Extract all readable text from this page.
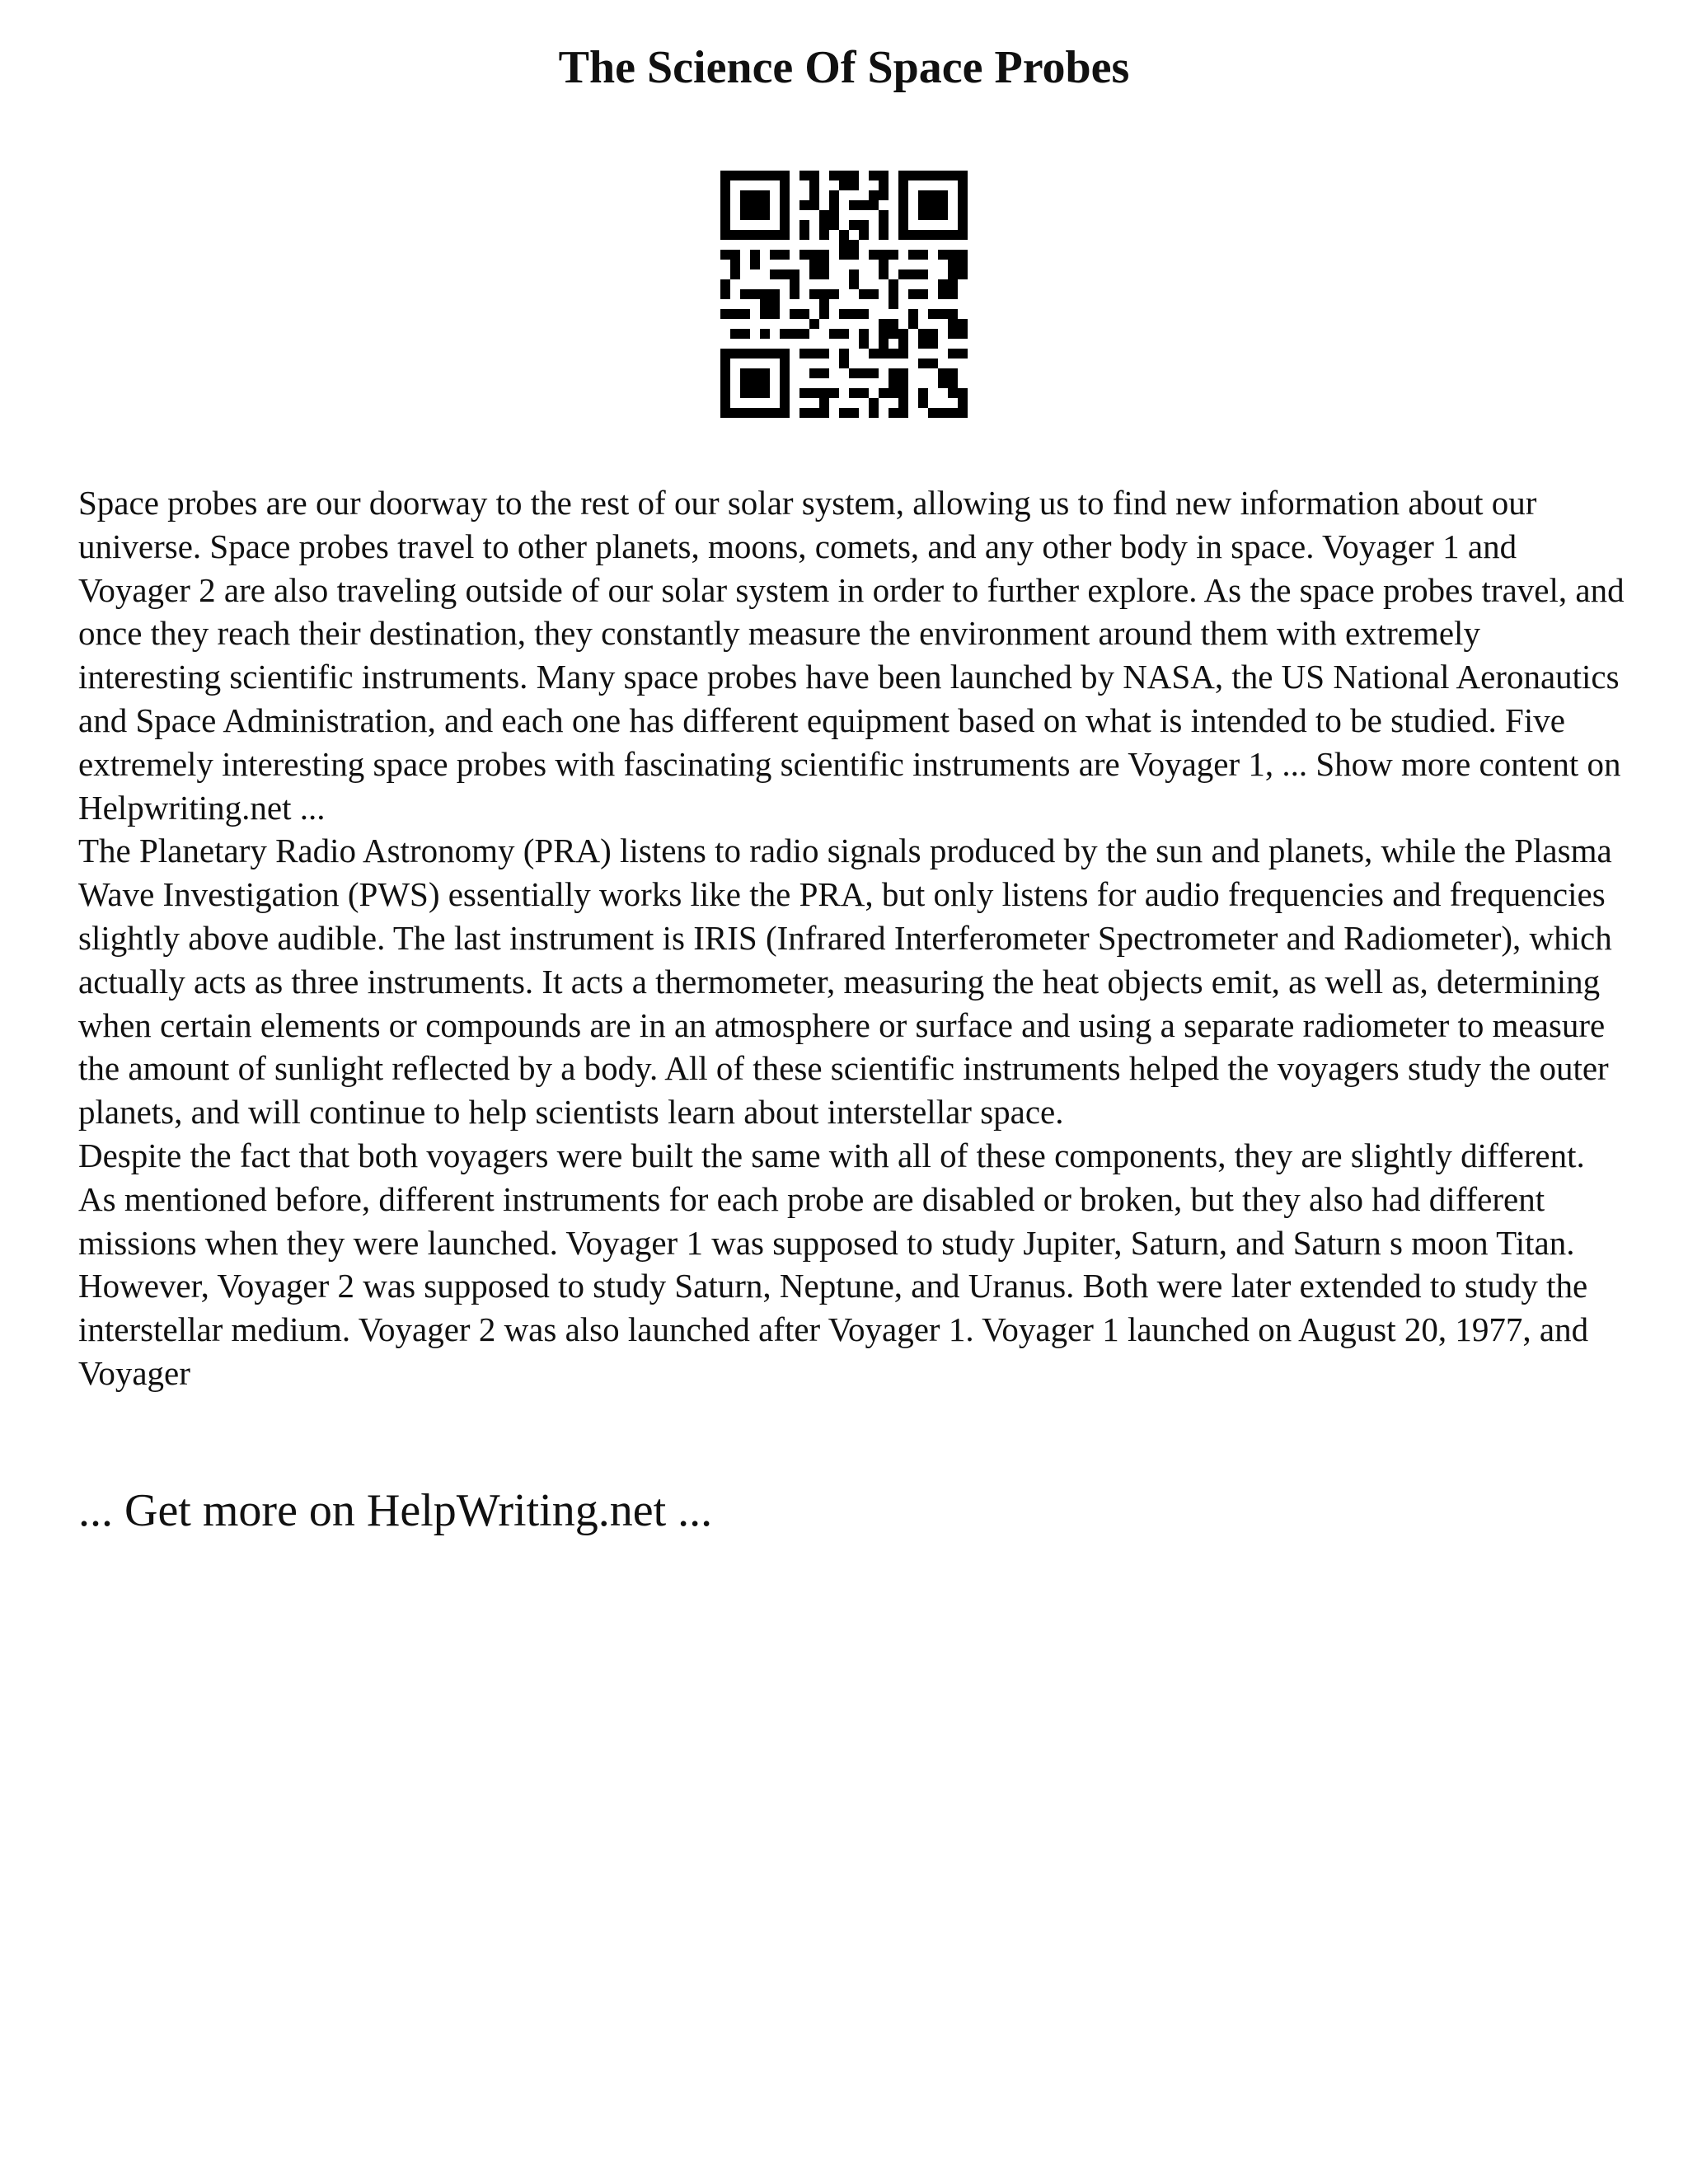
The Science Of Space Probes

Space probes are our doorway to the rest of our solar system, allowing us to find new information about our universe. Space probes travel to other planets, moons, comets, and any other body in space. Voyager 1 and Voyager 2 are also traveling outside of our solar system in order to further explore. As the space probes travel, and once they reach their destination, they constantly measure the environment around them with extremely interesting scientific instruments. Many space probes have been launched by NASA, the US National Aeronautics and Space Administration, and each one has different equipment based on what is intended to be studied. Five extremely interesting space probes with fascinating scientific instruments are Voyager 1, ... Show more content on Helpwriting.net ...

The Planetary Radio Astronomy (PRA) listens to radio signals produced by the sun and planets, while the Plasma Wave Investigation (PWS) essentially works like the PRA, but only listens for audio frequencies and frequencies slightly above audible. The last instrument is IRIS (Infrared Interferometer Spectrometer and Radiometer), which actually acts as three instruments. It acts a thermometer, measuring the heat objects emit, as well as, determining when certain elements or compounds are in an atmosphere or surface and using a separate radiometer to measure the amount of sunlight reflected by a body. All of these scientific instruments helped the voyagers study the outer planets, and will continue to help scientists learn about interstellar space.

Despite the fact that both voyagers were built the same with all of these components, they are slightly different. As mentioned before, different instruments for each probe are disabled or broken, but they also had different missions when they were launched. Voyager 1 was supposed to study Jupiter, Saturn, and Saturn s moon Titan. However, Voyager 2 was supposed to study Saturn, Neptune, and Uranus. Both were later extended to study the interstellar medium. Voyager 2 was also launched after Voyager 1. Voyager 1 launched on August 20, 1977, and Voyager

... Get more on HelpWriting.net ...
